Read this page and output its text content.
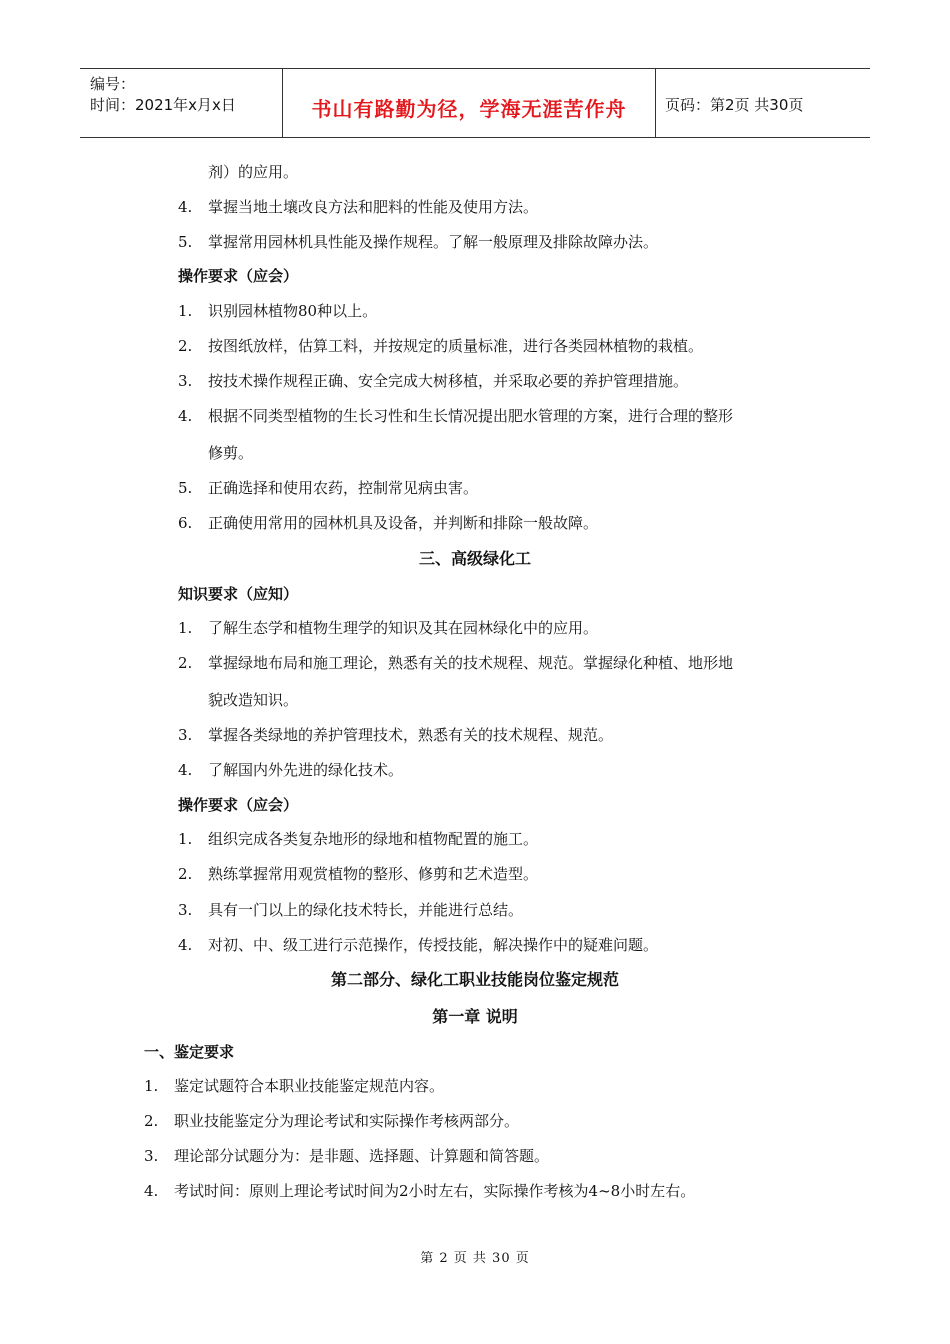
编号：
时间：2021年x月x日	书山有路勤为径，学海无涯苦作舟	页码：第2页 共30页
剂）的应用。
4. 掌握当地土壤改良方法和肥料的性能及使用方法。
5. 掌握常用园林机具性能及操作规程。了解一般原理及排除故障办法。
操作要求（应会）
1. 识别园林植物80种以上。
2. 按图纸放样，估算工料，并按规定的质量标准，进行各类园林植物的栽植。
3. 按技术操作规程正确、安全完成大树移植，并采取必要的养护管理措施。
4. 根据不同类型植物的生长习性和生长情况提出肥水管理的方案，进行合理的整形
修剪。
5. 正确选择和使用农药，控制常见病虫害。
6. 正确使用常用的园林机具及设备，并判断和排除一般故障。
三、高级绿化工
知识要求（应知）
1. 了解生态学和植物生理学的知识及其在园林绿化中的应用。
2. 掌握绿地布局和施工理论，熟悉有关的技术规程、规范。掌握绿化种植、地形地
貌改造知识。
3. 掌握各类绿地的养护管理技术，熟悉有关的技术规程、规范。
4. 了解国内外先进的绿化技术。
操作要求（应会）
1. 组织完成各类复杂地形的绿地和植物配置的施工。
2. 熟练掌握常用观赏植物的整形、修剪和艺术造型。
3. 具有一门以上的绿化技术特长，并能进行总结。
4. 对初、中、级工进行示范操作，传授技能，解决操作中的疑难问题。
第二部分、绿化工职业技能岗位鉴定规范
第一章 说明
一、鉴定要求
1. 鉴定试题符合本职业技能鉴定规范内容。
2. 职业技能鉴定分为理论考试和实际操作考核两部分。
3. 理论部分试题分为：是非题、选择题、计算题和简答题。
4. 考试时间：原则上理论考试时间为2小时左右，实际操作考核为4~8小时左右。
第 2 页 共 30 页
